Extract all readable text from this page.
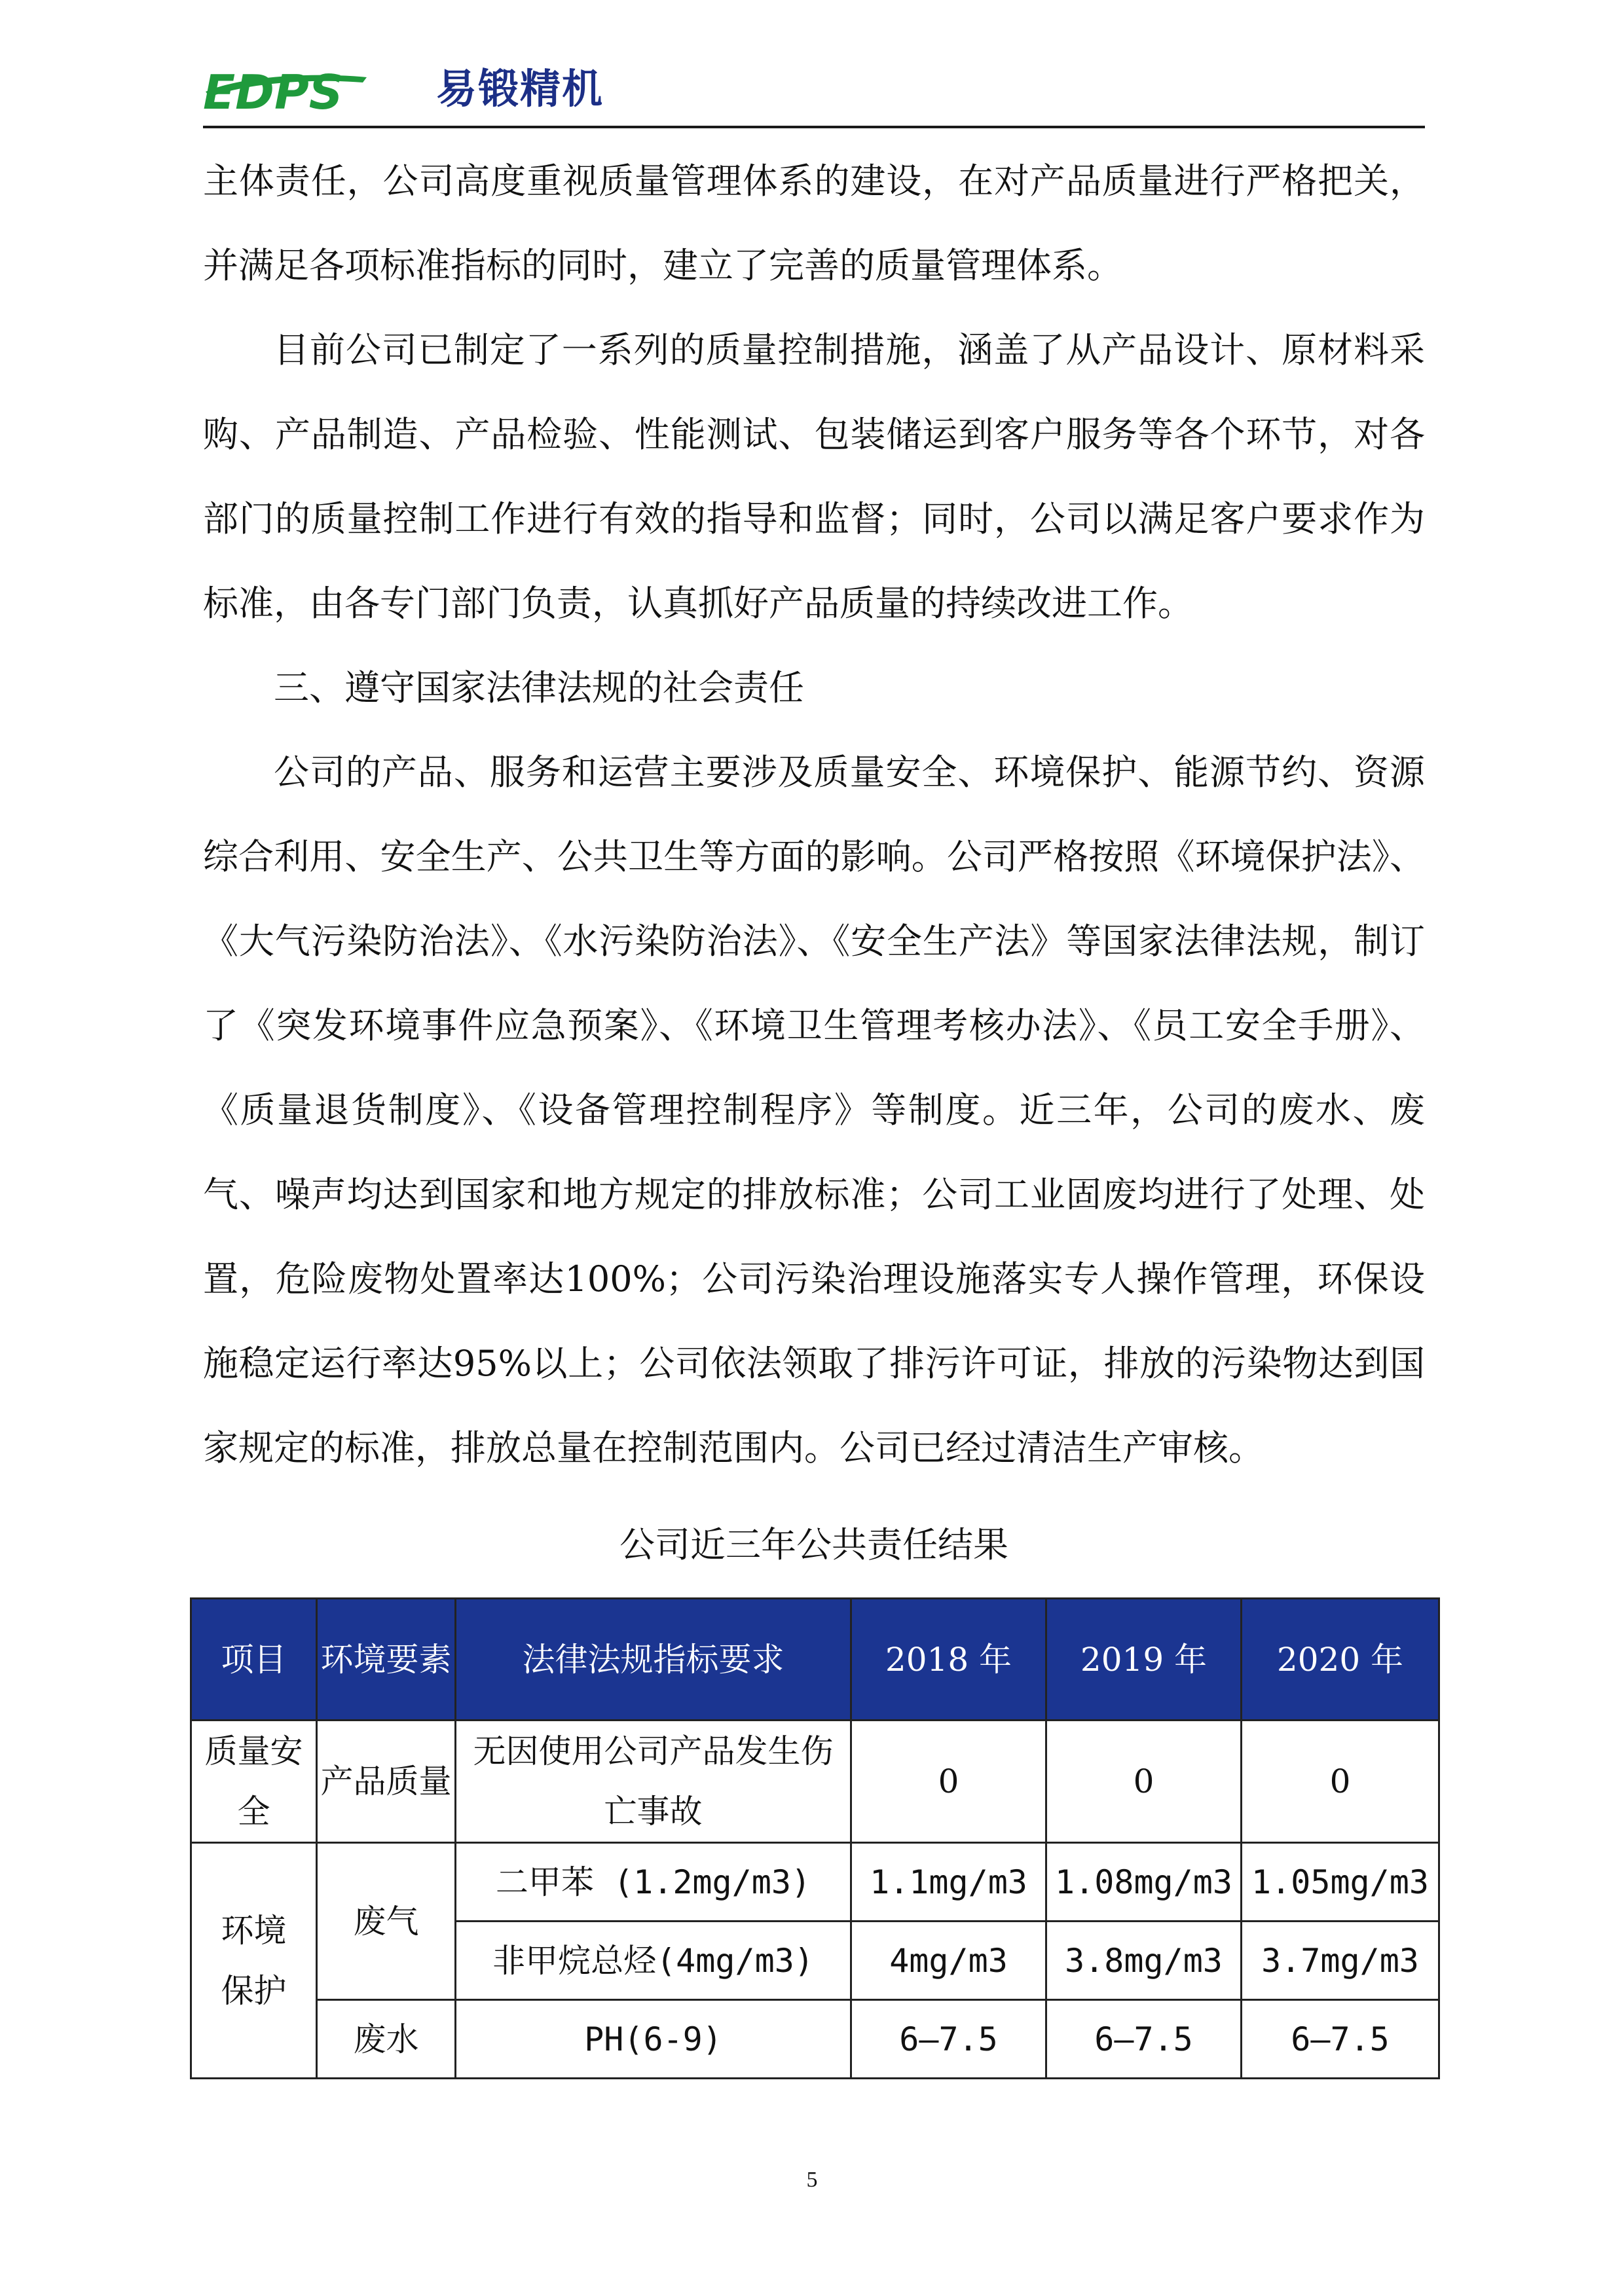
EDPS 易锻精机

主体责任，公司高度重视质量管理体系的建设，在对产品质量进行严格把关，并满足各项标准指标的同时，建立了完善的质量管理体系。

目前公司已制定了一系列的质量控制措施，涵盖了从产品设计、原材料采购、产品制造、产品检验、性能测试、包装储运到客户服务等各个环节，对各部门的质量控制工作进行有效的指导和监督；同时，公司以满足客户要求作为标准，由各专门部门负责，认真抓好产品质量的持续改进工作。

三、遵守国家法律法规的社会责任

公司的产品、服务和运营主要涉及质量安全、环境保护、能源节约、资源综合利用、安全生产、公共卫生等方面的影响。公司严格按照《环境保护法》、《大气污染防治法》、《水污染防治法》、《安全生产法》等国家法律法规，制订了《突发环境事件应急预案》、《环境卫生管理考核办法》、《员工安全手册》、《质量退货制度》、《设备管理控制程序》等制度。近三年，公司的废水、废气、噪声均达到国家和地方规定的排放标准；公司工业固废均进行了处理、处置，危险废物处置率达100%；公司污染治理设施落实专人操作管理，环保设施稳定运行率达95%以上；公司依法领取了排污许可证，排放的污染物达到国家规定的标准，排放总量在控制范围内。公司已经过清洁生产审核。

公司近三年公共责任结果
项目	环境要素	法律法规指标要求	2018 年	2019 年	2020 年
质量安全	产品质量	无因使用公司产品发生伤亡事故	0	0	0
环境保护	废气	二甲苯 (1.2mg/m3)	1.1mg/m3	1.08mg/m3	1.05mg/m3
		非甲烷总烃(4mg/m3)	4mg/m3	3.8mg/m3	3.7mg/m3
	废水	PH(6-9)	6—7.5	6—7.5	6—7.5
5
